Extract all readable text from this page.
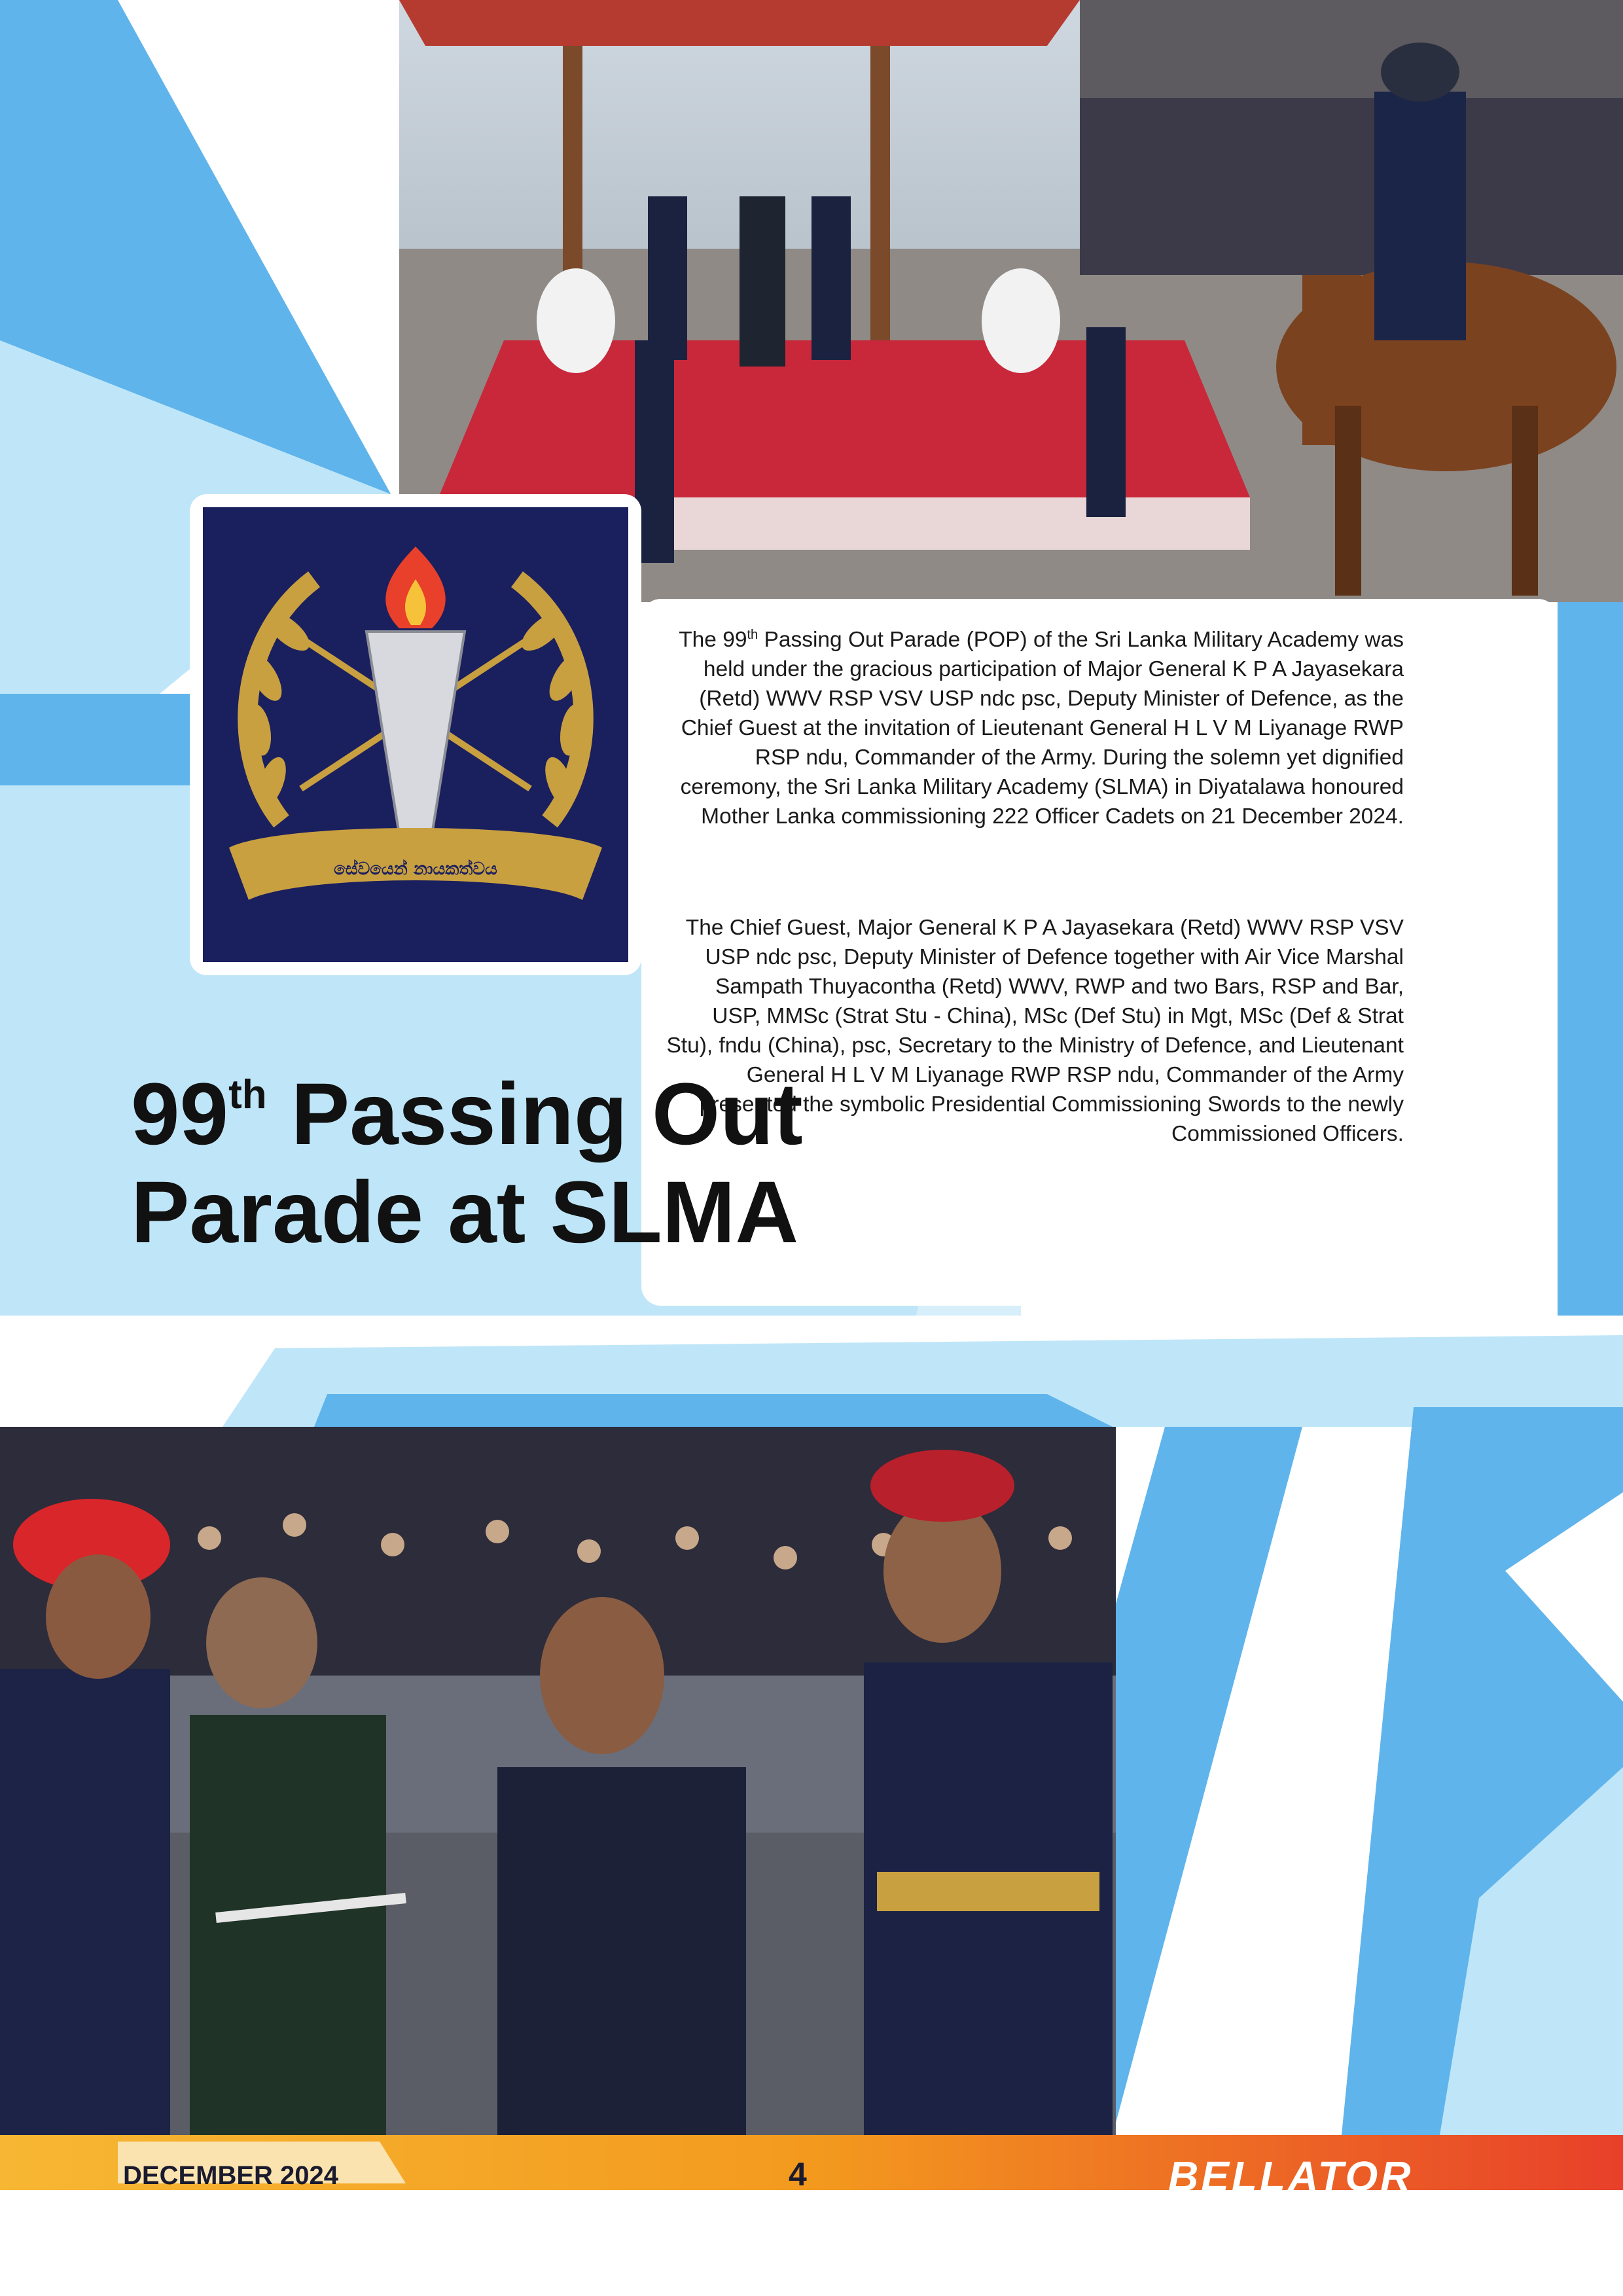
සේවයෙන් නායකත්වය
The 99th Passing Out Parade (POP) of the Sri Lanka Military Academy was held under the gracious participation of Major General K P A Jayasekara (Retd) WWV RSP VSV USP ndc psc, Deputy Minister of Defence, as the Chief Guest at the invitation of Lieutenant General H L V M Liyanage RWP RSP ndu, Commander of the Army. During the solemn yet dignified ceremony, the Sri Lanka Military Academy (SLMA) in Diyatalawa honoured Mother Lanka commissioning 222 Officer Cadets on 21 December 2024.
The Chief Guest, Major General K P A Jayasekara (Retd) WWV RSP VSV USP ndc psc, Deputy Minister of Defence together with Air Vice Marshal Sampath Thuyacontha (Retd) WWV, RWP and two Bars, RSP and Bar, USP, MMSc (Strat Stu - China), MSc (Def Stu) in Mgt, MSc (Def & Strat Stu), fndu (China), psc, Secretary to the Ministry of Defence, and Lieutenant General H L V M Liyanage RWP RSP ndu, Commander of the Army presented the symbolic Presidential Commissioning Swords to the newly Commissioned Officers.
99th Passing Out
Parade at SLMA
DECEMBER 2024	4	BELLATOR
